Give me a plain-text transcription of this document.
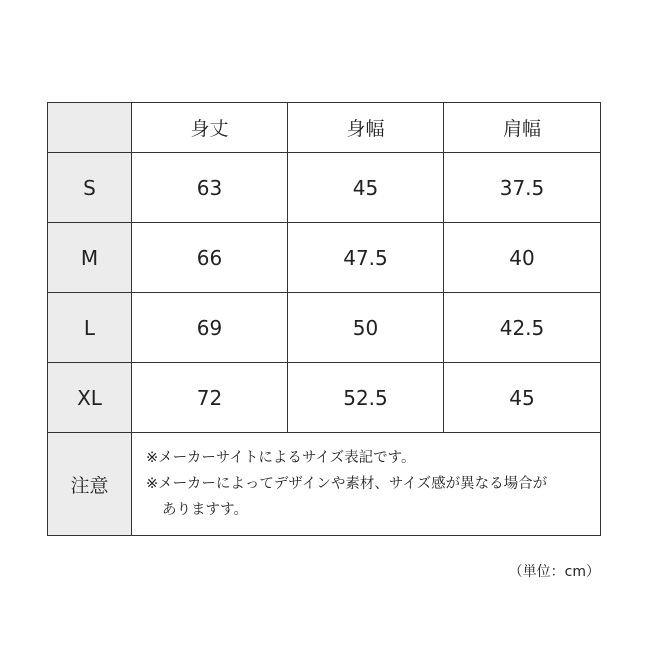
	身丈	身幅	肩幅
S	63	45	37.5
M	66	47.5	40
L	69	50	42.5
XL	72	52.5	45
注意	※メーカーサイトによるサイズ表記です。
※メーカーによってデザインや素材、サイズ感が異なる場合が
ありますす。		
（単位：cm）
